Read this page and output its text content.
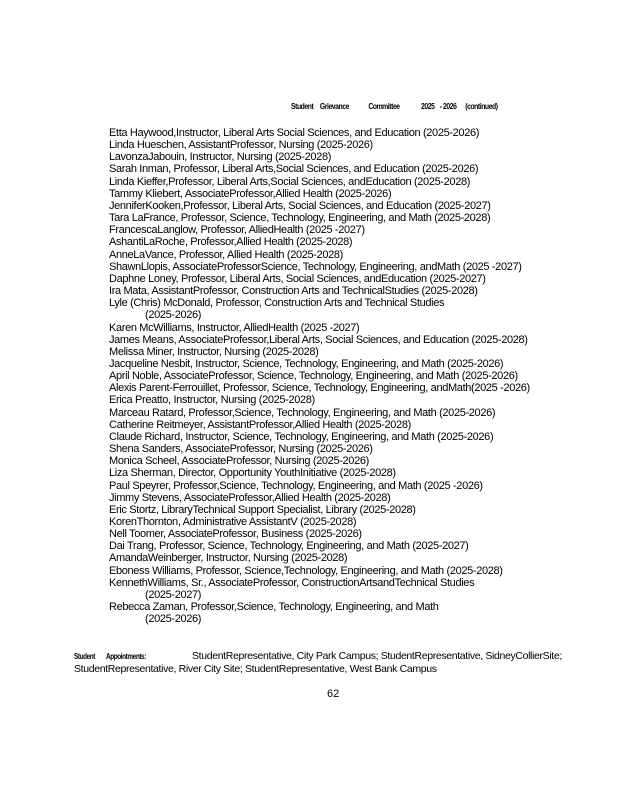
Student Grievance Committee	2025 - 2026 (continued)
Etta Haywood,Instructor, Liberal Arts Social Sciences, and Education (2025-2026)
Linda Hueschen, AssistantProfessor, Nursing (2025-2026)
LavonzaJabouin, Instructor, Nursing (2025-2028)
Sarah Inman, Professor, Liberal Arts,Social Sciences, and Education (2025-2026)
Linda Kieffer,Professor, Liberal Arts,Social Sciences, andEducation (2025-2028)
Tammy Kliebert, AssociateProfessor,Allied Health (2025-2026)
JenniferKooken,Professor, Liberal Arts, Social Sciences, and Education (2025-2027)
Tara LaFrance, Professor, Science, Technology, Engineering, and Math (2025-2028)
FrancescaLanglow, Professor, AlliedHealth (2025 -2027)
AshantiLaRoche, Professor,Allied Health (2025-2028)
AnneLaVance, Professor, Allied Health (2025-2028)
ShawnLlopis, AssociateProfessorScience, Technology, Engineering, andMath (2025 -2027)
Daphne Loney, Professor, Liberal Arts, Social Sciences, andEducation (2025-2027)
Ira Mata, AssistantProfessor, Construction Arts and TechnicalStudies (2025-2028)
Lyle (Chris) McDonald, Professor, Construction Arts and Technical Studies
(2025-2026)
Karen McWilliams, Instructor, AlliedHealth (2025 -2027)
James Means, AssociateProfessor,Liberal Arts, Social Sciences, and Education (2025-2028)
Melissa Miner, Instructor, Nursing (2025-2028)
Jacqueline Nesbit, Instructor, Science, Technology, Engineering, and Math (2025-2026)
April Noble, AssociateProfessor, Science, Technology, Engineering, and Math (2025-2026)
Alexis Parent-Ferrouillet, Professor, Science, Technology, Engineering, andMath(2025 -2026)
Erica Preatto, Instructor, Nursing (2025-2028)
Marceau Ratard, Professor,Science, Technology, Engineering, and Math (2025-2026)
Catherine Reitmeyer, AssistantProfessor,Allied Health (2025-2028)
Claude Richard, Instructor, Science, Technology, Engineering, and Math (2025-2026)
Shena Sanders, AssociateProfessor, Nursing (2025-2026)
Monica Scheel, AssociateProfessor, Nursing (2025-2026)
Liza Sherman, Director, Opportunity YouthInitiative (2025-2028)
Paul Speyrer, Professor,Science, Technology, Engineering, and Math (2025 -2026)
Jimmy Stevens, AssociateProfessor,Allied Health (2025-2028)
Eric Stortz, LibraryTechnical Support Specialist, Library (2025-2028)
KorenThornton, Administrative AssistantV (2025-2028)
Nell Toomer, AssociateProfessor, Business (2025-2026)
Dai Trang, Professor, Science, Technology, Engineering, and Math (2025-2027)
AmandaWeinberger, Instructor, Nursing (2025-2028)
Eboness Williams, Professor, Science,Technology, Engineering, and Math (2025-2028)
KennethWilliams, Sr., AssociateProfessor, ConstructionArtsandTechnical Studies
(2025-2027)
Rebecca Zaman, Professor,Science, Technology, Engineering, and Math
(2025-2026)
Student Appointments:	StudentRepresentative, City Park Campus; StudentRepresentative, SidneyCollierSite;
StudentRepresentative, River City Site; StudentRepresentative, West Bank Campus
62
